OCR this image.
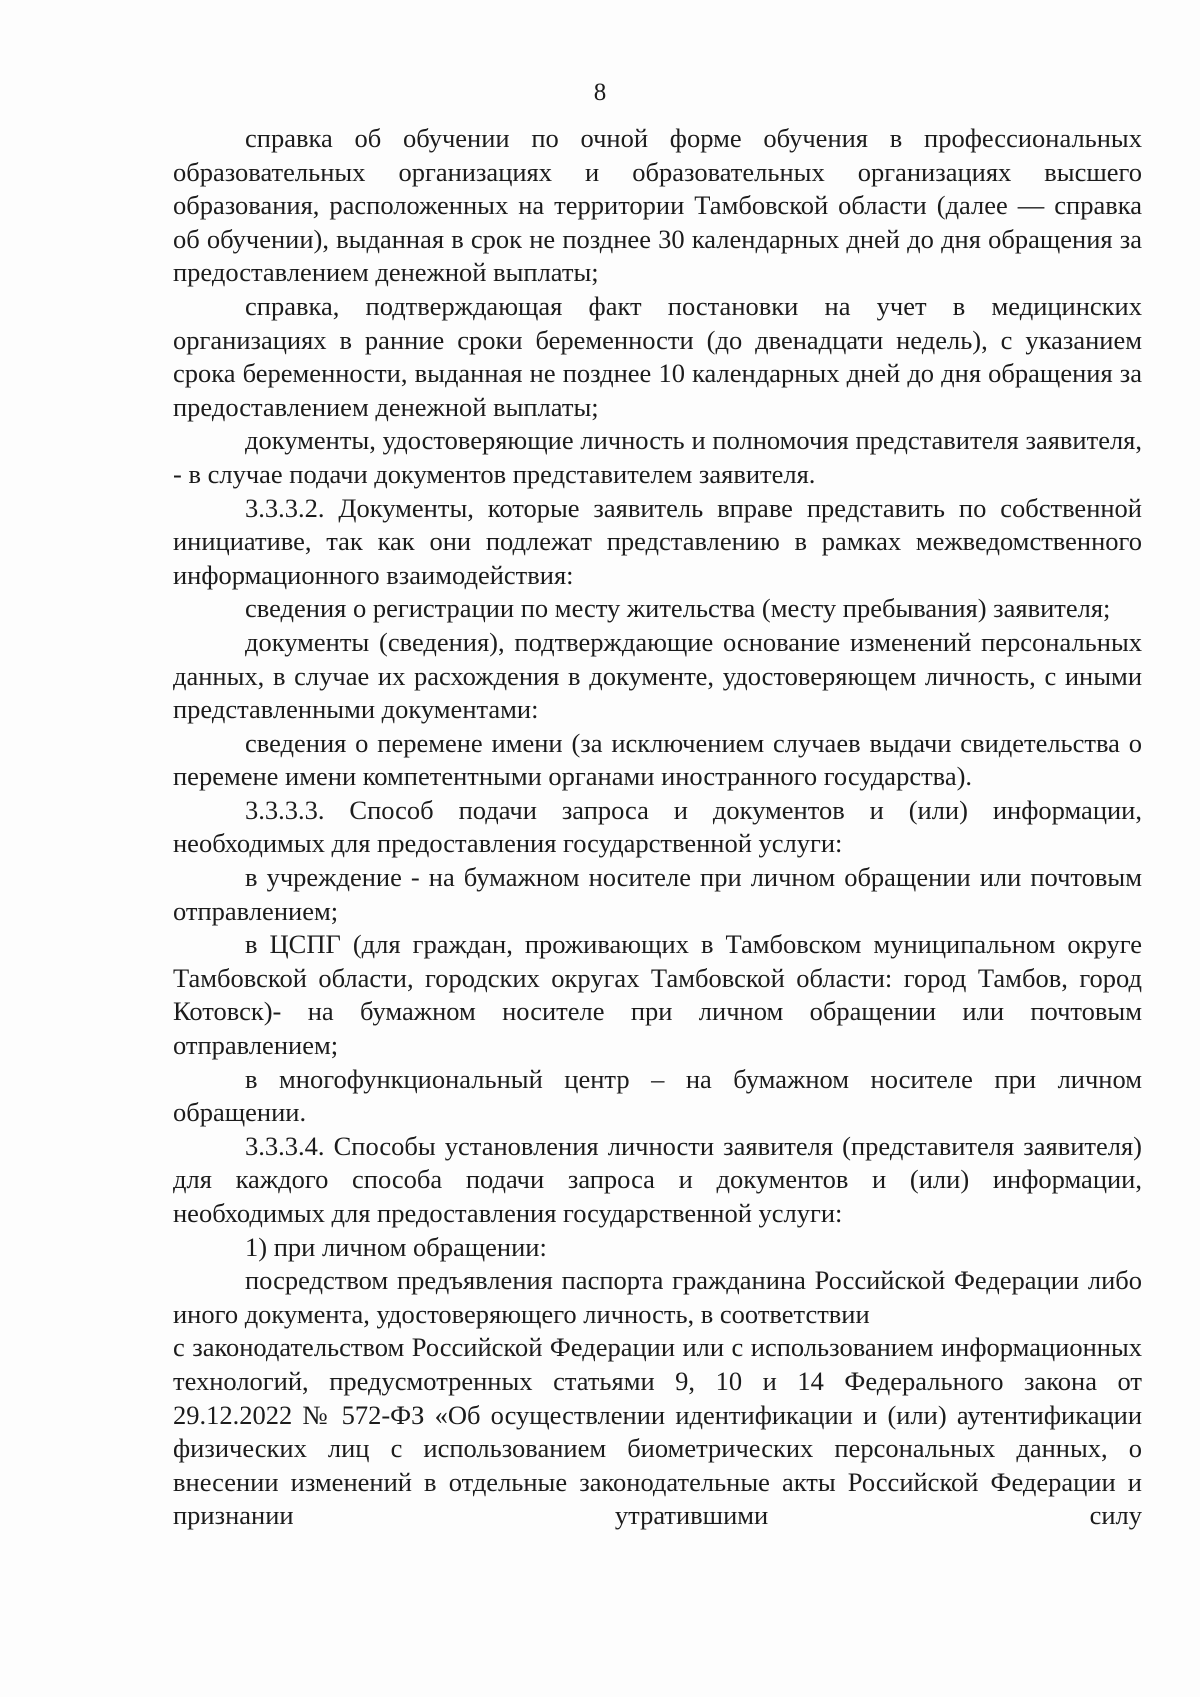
8

справка об обучении по очной форме обучения в профессиональных образовательных организациях и образовательных организациях высшего образования, расположенных на территории Тамбовской области (далее — справка об обучении), выданная в срок не позднее 30 календарных дней до дня обращения за предоставлением денежной выплаты;

справка, подтверждающая факт постановки на учет в медицинских организациях в ранние сроки беременности (до двенадцати недель), с указанием срока беременности, выданная не позднее 10 календарных дней до дня обращения за предоставлением денежной выплаты;

документы, удостоверяющие личность и полномочия представителя заявителя, - в случае подачи документов представителем заявителя.

3.3.3.2. Документы, которые заявитель вправе представить по собственной инициативе, так как они подлежат представлению в рамках межведомственного информационного взаимодействия:

сведения о регистрации по месту жительства (месту пребывания) заявителя;

документы (сведения), подтверждающие основание изменений персональных данных, в случае их расхождения в документе, удостоверяющем личность, с иными представленными документами:

сведения о перемене имени (за исключением случаев выдачи свидетельства о перемене имени компетентными органами иностранного государства).

3.3.3.3. Способ подачи запроса и документов и (или) информации, необходимых для предоставления государственной услуги:

в учреждение - на бумажном носителе при личном обращении или почтовым отправлением;

в ЦСПГ (для граждан, проживающих в Тамбовском муниципальном округе Тамбовской области, городских округах Тамбовской области: город Тамбов, город Котовск)- на бумажном носителе при личном обращении или почтовым отправлением;

в многофункциональный центр – на бумажном носителе при личном обращении.

3.3.3.4. Способы установления личности заявителя (представителя заявителя) для каждого способа подачи запроса и документов и (или) информации, необходимых для предоставления государственной услуги:

1) при личном обращении:

посредством предъявления паспорта гражданина Российской Федерации либо иного документа, удостоверяющего личность, в соответствии

с законодательством Российской Федерации или с использованием информационных технологий, предусмотренных статьями 9, 10 и 14 Федерального закона от 29.12.2022 № 572-ФЗ «Об осуществлении идентификации и (или) аутентификации физических лиц с использованием биометрических персональных данных, о внесении изменений в отдельные законодательные акты Российской Федерации и признании утратившими силу
